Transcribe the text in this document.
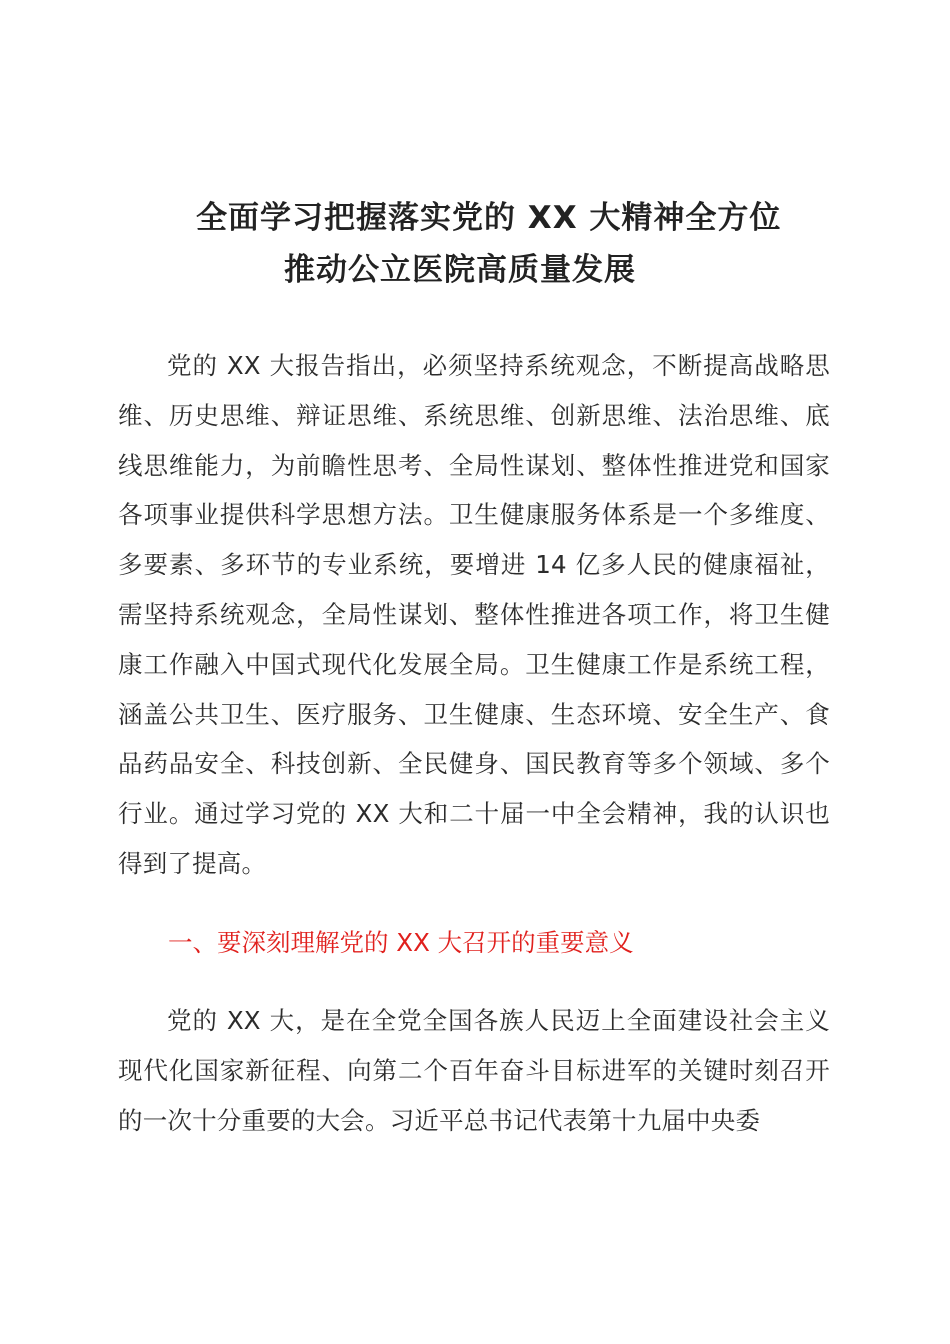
全面学习把握落实党的 XX 大精神全方位
推动公立医院高质量发展

党的 XX 大报告指出，必须坚持系统观念，不断提高战略思维、历史思维、辩证思维、系统思维、创新思维、法治思维、底线思维能力，为前瞻性思考、全局性谋划、整体性推进党和国家各项事业提供科学思想方法。卫生健康服务体系是一个多维度、多要素、多环节的专业系统，要增进 14 亿多人民的健康福祉，需坚持系统观念，全局性谋划、整体性推进各项工作，将卫生健康工作融入中国式现代化发展全局。卫生健康工作是系统工程，涵盖公共卫生、医疗服务、卫生健康、生态环境、安全生产、食品药品安全、科技创新、全民健身、国民教育等多个领域、多个行业。通过学习党的 XX 大和二十届一中全会精神，我的认识也得到了提高。

一、要深刻理解党的 XX 大召开的重要意义

党的 XX 大，是在全党全国各族人民迈上全面建设社会主义现代化国家新征程、向第二个百年奋斗目标进军的关键时刻召开的一次十分重要的大会。习近平总书记代表第十九届中央委
